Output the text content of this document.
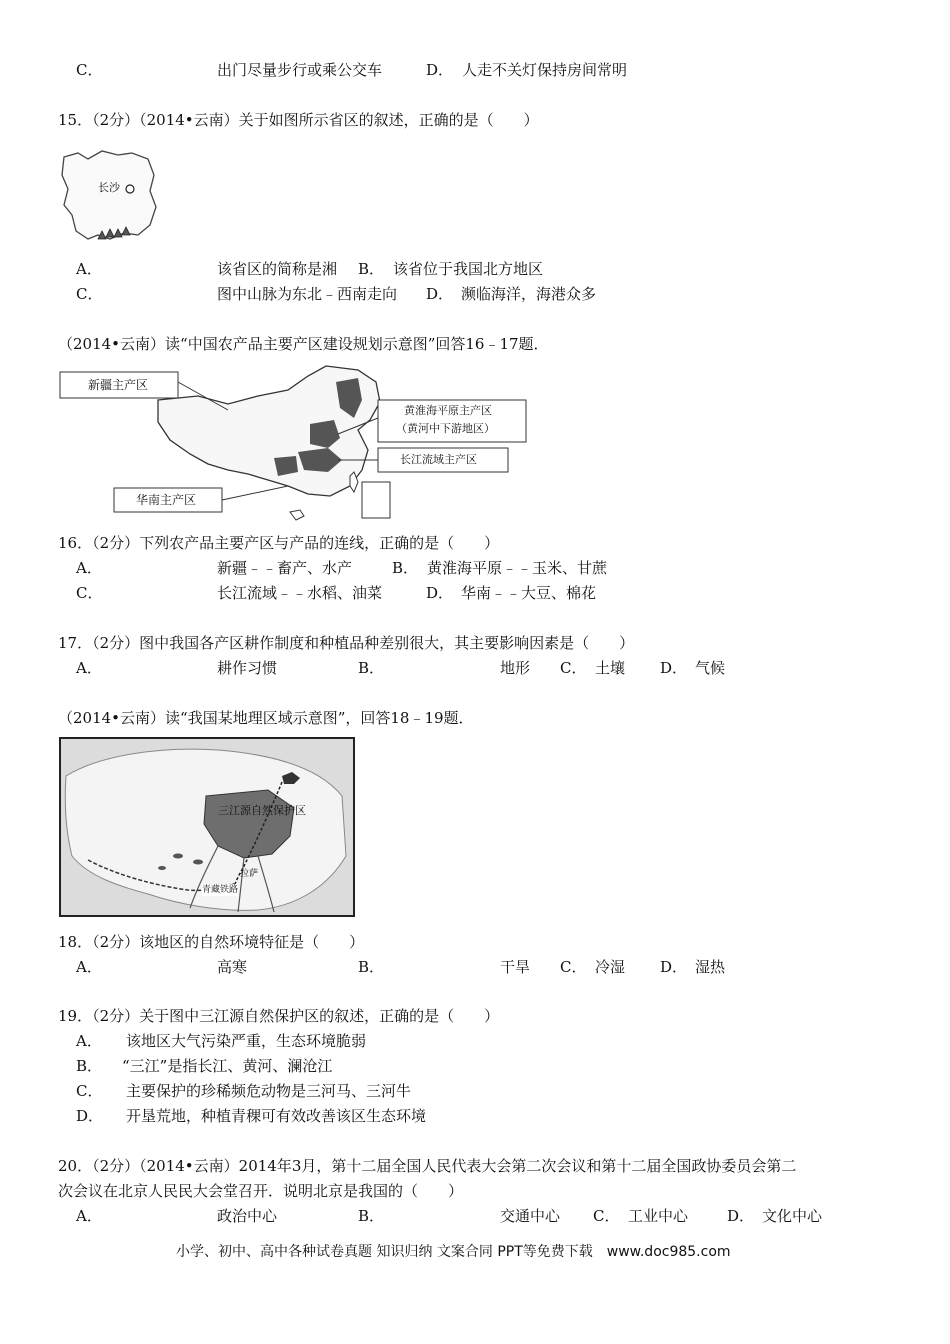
C．	出门尽量步行或乘公交车	D． 人走不关灯保持房间常明
15．（2分）（2014•云南）关于如图所示省区的叙述，正确的是（　　）
长沙
A．	该省区的简称是湘 B． 该省位于我国北方地区
C．	图中山脉为东北﹣西南走向 D． 濒临海洋，海港众多
（2014•云南）读“中国农产品主要产区建设规划示意图”回答16﹣17题．
新疆主产区
黄淮海平原主产区
（黄河中下游地区）
长江流域主产区
华南主产区
16．（2分）下列农产品主要产区与产品的连线，正确的是（　　）
A．	新疆﹣﹣畜产、水产	B． 黄淮海平原﹣﹣玉米、甘蔗
C．	长江流域﹣﹣水稻、油菜	D． 华南﹣﹣大豆、棉花
17．（2分）图中我国各产区耕作制度和种植品种差别很大，其主要影响因素是（　　）
A．	耕作习惯	B．	地形 C． 土壤 D． 气候
（2014•云南）读“我国某地理区域示意图”，回答18﹣19题．
三江源自然保护区
拉萨
青藏铁路
18．（2分）该地区的自然环境特征是（　　）
A．	高寒	B．	干旱 C． 冷湿 D． 湿热
19．（2分）关于图中三江源自然保护区的叙述，正确的是（　　）
A． 该地区大气污染严重，生态环境脆弱
B． “三江”是指长江、黄河、澜沧江
C． 主要保护的珍稀频危动物是三河马、三河牛
D． 开垦荒地，种植青稞可有效改善该区生态环境
20．（2分）（2014•云南）2014年3月，第十二届全国人民代表大会第二次会议和第十二届全国政协委员会第二
次会议在北京人民民大会堂召开．说明北京是我国的（　　）
A．	政治中心	B．	交通中心 C． 工业中心	D． 文化中心
小学、初中、高中各种试卷真题 知识归纳 文案合同 PPT等免费下载　www.doc985.com
